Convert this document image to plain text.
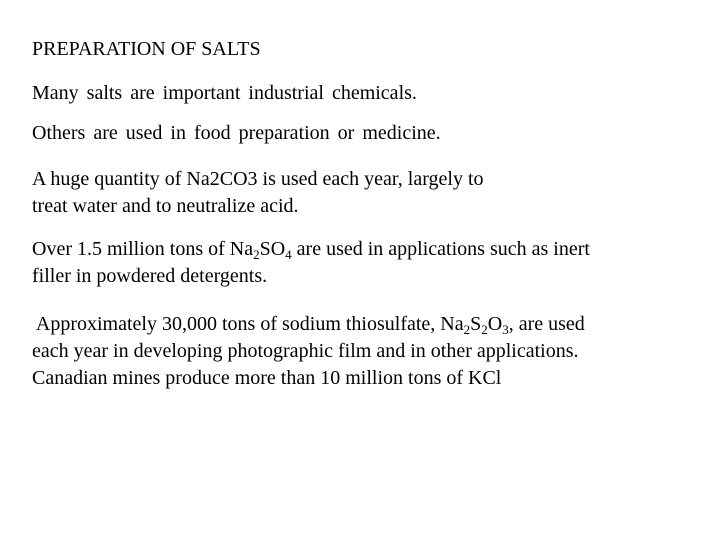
PREPARATION OF SALTS
Many salts are important industrial chemicals.
Others are used in food preparation or medicine.
A huge quantity of Na2CO3 is used each year, largely to
treat water and to neutralize acid.
Over 1.5 million tons of $Na_2SO_4$ are used in applications such as inert
filler in powdered detergents.
Approximately 30,000 tons of sodium thiosulfate, $Na_2S_2O_3$, are used
each year in developing photographic film and in other applications.
Canadian mines produce more than 10 million tons of KCl
